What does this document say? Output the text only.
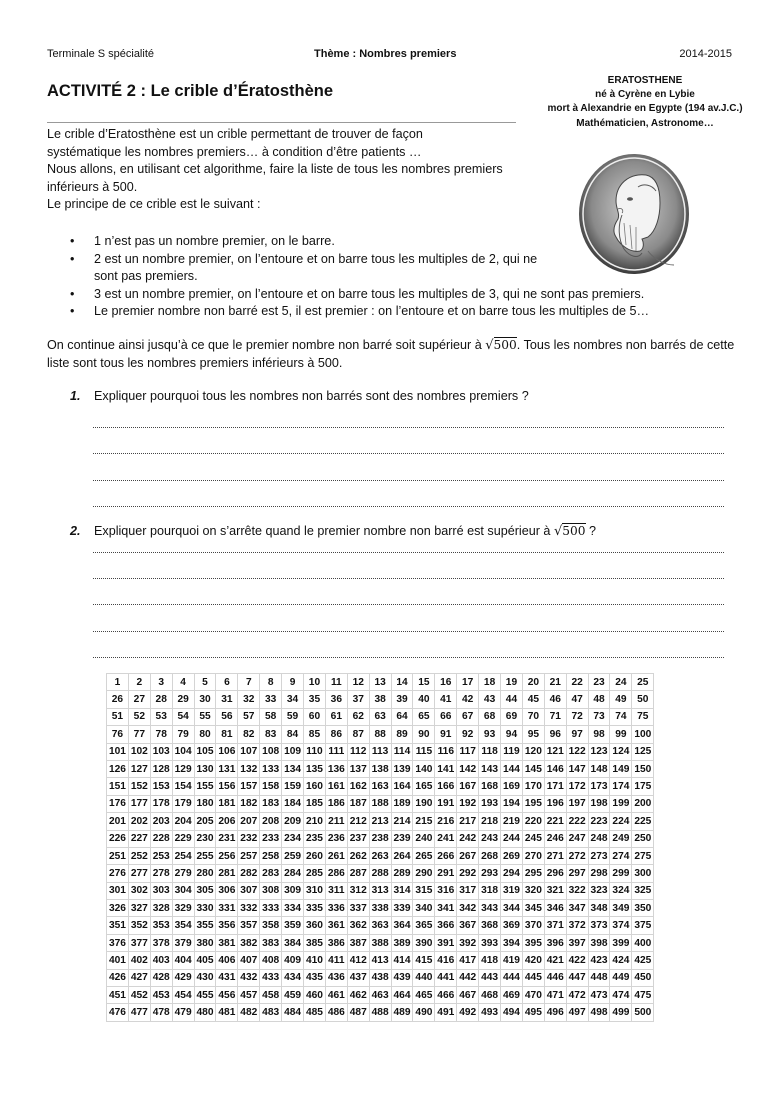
Terminale S spécialité	Thème : Nombres premiers	2014-2015
ACTIVITÉ 2 : Le crible d’Ératosthène
ERATOSTHENE
né à Cyrène en Lybie
mort à Alexandrie en Egypte (194 av.J.C.)
Mathématicien, Astronome…
Le crible d’Eratosthène est un crible permettant de trouver de façon
systématique les nombres premiers… à condition d’être patients …
Nous allons, en utilisant cet algorithme, faire la liste de tous les nombres premiers
inférieurs à 500.
Le principe de ce crible est le suivant :
• 1 n’est pas un nombre premier, on le barre.
• 2 est un nombre premier, on l’entoure et on barre tous les multiples de 2, qui ne sont pas premiers.
• 3 est un nombre premier, on l’entoure et on barre tous les multiples de 3, qui ne sont pas premiers.
• Le premier nombre non barré est 5, il est premier : on l’entoure et on barre tous les multiples de 5…
On continue ainsi jusqu’à ce que le premier nombre non barré soit supérieur à √500. Tous les nombres non barrés de cette liste sont tous les nombres premiers inférieurs à 500.
1. Expliquer pourquoi tous les nombres non barrés sont des nombres premiers ?
2. Expliquer pourquoi on s’arrête quand le premier nombre non barré est supérieur à √500 ?
1	2	3	4	5	6	7	8	9	10	11	12	13	14	15	16	17	18	19	20	21	22	23	24	25
26	27	28	29	30	31	32	33	34	35	36	37	38	39	40	41	42	43	44	45	46	47	48	49	50
51	52	53	54	55	56	57	58	59	60	61	62	63	64	65	66	67	68	69	70	71	72	73	74	75
76	77	78	79	80	81	82	83	84	85	86	87	88	89	90	91	92	93	94	95	96	97	98	99	100
101	102	103	104	105	106	107	108	109	110	111	112	113	114	115	116	117	118	119	120	121	122	123	124	125
126	127	128	129	130	131	132	133	134	135	136	137	138	139	140	141	142	143	144	145	146	147	148	149	150
151	152	153	154	155	156	157	158	159	160	161	162	163	164	165	166	167	168	169	170	171	172	173	174	175
176	177	178	179	180	181	182	183	184	185	186	187	188	189	190	191	192	193	194	195	196	197	198	199	200
201	202	203	204	205	206	207	208	209	210	211	212	213	214	215	216	217	218	219	220	221	222	223	224	225
226	227	228	229	230	231	232	233	234	235	236	237	238	239	240	241	242	243	244	245	246	247	248	249	250
251	252	253	254	255	256	257	258	259	260	261	262	263	264	265	266	267	268	269	270	271	272	273	274	275
276	277	278	279	280	281	282	283	284	285	286	287	288	289	290	291	292	293	294	295	296	297	298	299	300
301	302	303	304	305	306	307	308	309	310	311	312	313	314	315	316	317	318	319	320	321	322	323	324	325
326	327	328	329	330	331	332	333	334	335	336	337	338	339	340	341	342	343	344	345	346	347	348	349	350
351	352	353	354	355	356	357	358	359	360	361	362	363	364	365	366	367	368	369	370	371	372	373	374	375
376	377	378	379	380	381	382	383	384	385	386	387	388	389	390	391	392	393	394	395	396	397	398	399	400
401	402	403	404	405	406	407	408	409	410	411	412	413	414	415	416	417	418	419	420	421	422	423	424	425
426	427	428	429	430	431	432	433	434	435	436	437	438	439	440	441	442	443	444	445	446	447	448	449	450
451	452	453	454	455	456	457	458	459	460	461	462	463	464	465	466	467	468	469	470	471	472	473	474	475
476	477	478	479	480	481	482	483	484	485	486	487	488	489	490	491	492	493	494	495	496	497	498	499	500
